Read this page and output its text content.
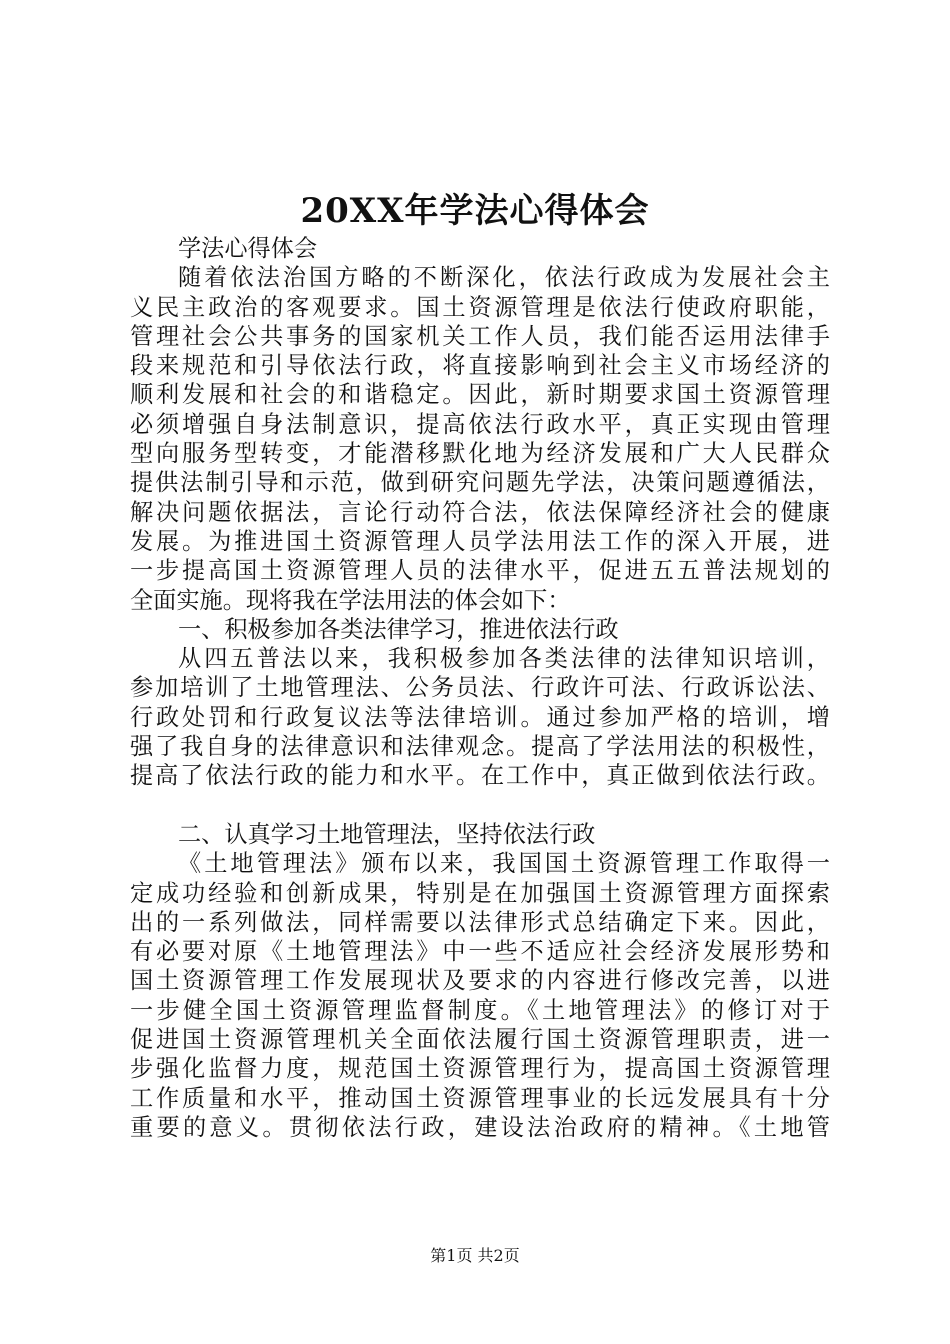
20XX年学法心得体会
学法心得体会
随着依法治国方略的不断深化，依法行政成为发展社会主
义民主政治的客观要求。国土资源管理是依法行使政府职能，
管理社会公共事务的国家机关工作人员，我们能否运用法律手
段来规范和引导依法行政，将直接影响到社会主义市场经济的
顺利发展和社会的和谐稳定。因此，新时期要求国土资源管理
必须增强自身法制意识，提高依法行政水平，真正实现由管理
型向服务型转变，才能潜移默化地为经济发展和广大人民群众
提供法制引导和示范，做到研究问题先学法，决策问题遵循法，
解决问题依据法，言论行动符合法，依法保障经济社会的健康
发展。为推进国土资源管理人员学法用法工作的深入开展，进
一步提高国土资源管理人员的法律水平，促进五五普法规划的
全面实施。现将我在学法用法的体会如下：
一、积极参加各类法律学习，推进依法行政
从四五普法以来，我积极参加各类法律的法律知识培训，
参加培训了土地管理法、公务员法、行政许可法、行政诉讼法、
行政处罚和行政复议法等法律培训。通过参加严格的培训，增
强了我自身的法律意识和法律观念。提高了学法用法的积极性，
提高了依法行政的能力和水平。在工作中，真正做到依法行政。
二、认真学习土地管理法，坚持依法行政
《土地管理法》颁布以来，我国国土资源管理工作取得一
定成功经验和创新成果，特别是在加强国土资源管理方面探索
出的一系列做法，同样需要以法律形式总结确定下来。因此，
有必要对原《土地管理法》中一些不适应社会经济发展形势和
国土资源管理工作发展现状及要求的内容进行修改完善，以进
一步健全国土资源管理监督制度。《土地管理法》的修订对于
促进国土资源管理机关全面依法履行国土资源管理职责，进一
步强化监督力度，规范国土资源管理行为，提高国土资源管理
工作质量和水平，推动国土资源管理事业的长远发展具有十分
重要的意义。贯彻依法行政，建设法治政府的精神。《土地管
第1页 共2页
